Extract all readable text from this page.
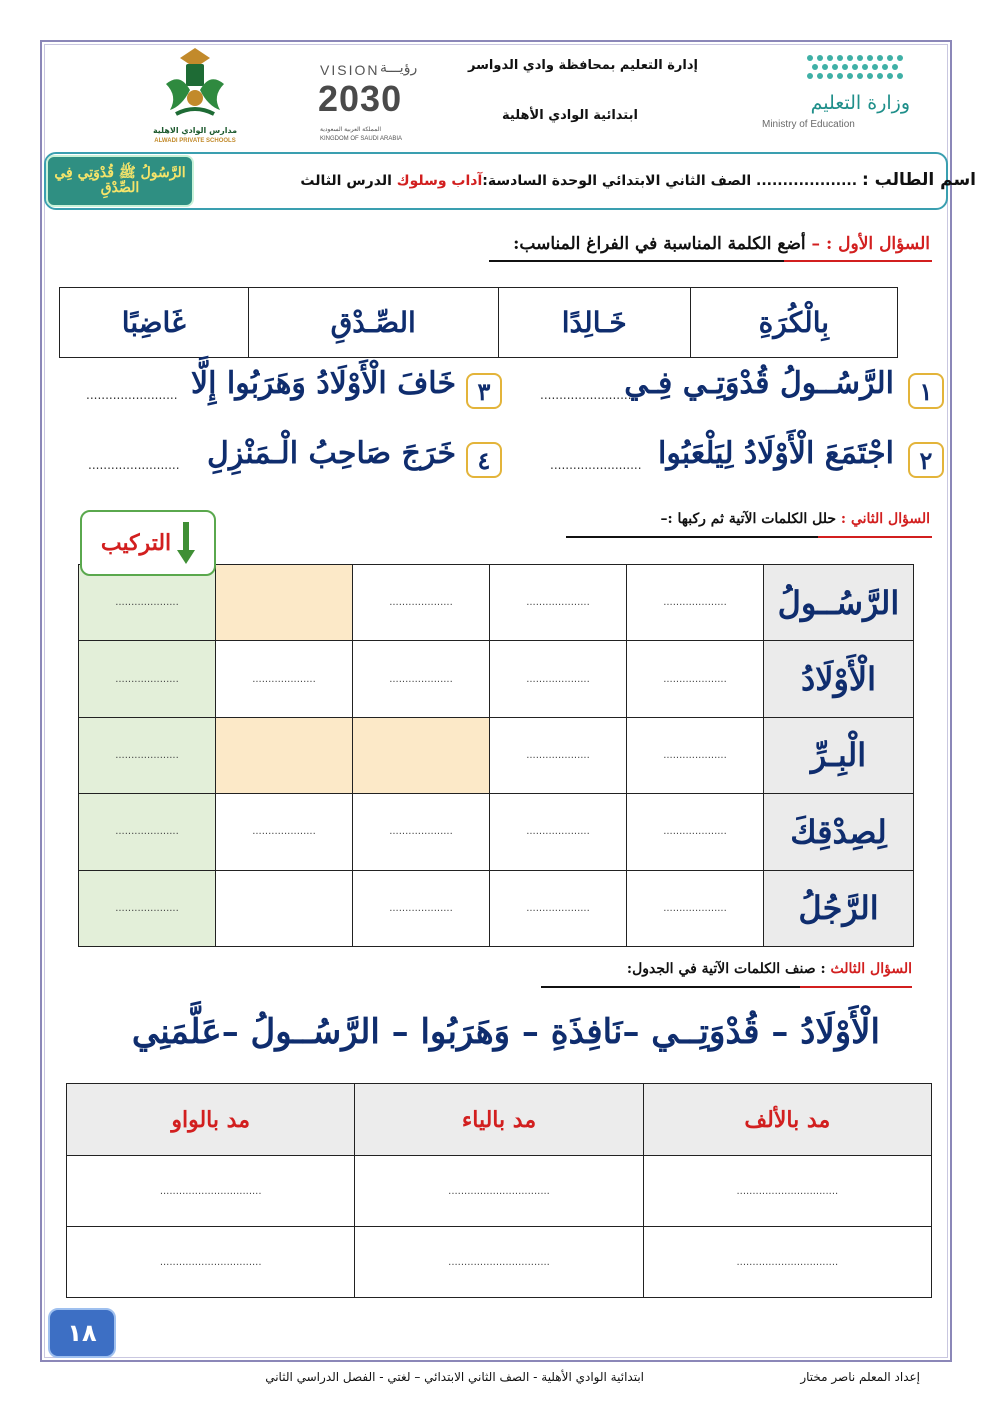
وزارة التعليم
Ministry of Education
إدارة التعليم بمحافظة وادي الدواسر
ابتدائية الوادي الأهلية
VISION رؤيـــة
2030
المملكة العربية السعودية
KINGDOM OF SAUDI ARABIA
مدارس الوادي الاهلية
ALWADI PRIVATE SCHOOLS
الرَّسُولُ ﷺ قُدْوَتِي فِي الصِّدْقِ	اسم الطالب : ................... الصف الثاني الابتدائي الوحدة السادسة:آداب وسلوك الدرس الثالث
السؤال الأول : – أضع الكلمة المناسبة في الفراغ المناسب:
بِالْكُرَةِ	خَـالِدًا	الصِّـدْقِ	غَاضِبًا
١
الرَّسُــولُ قُدْوَتِـي فِـي
........................
٣
خَافَ الْأَوْلَادُ وَهَرَبُوا إِلَّا
........................
٢
اجْتَمَعَ الْأَوْلَادُ لِيَلْعَبُوا
........................
٤
خَرَجَ صَاحِبُ الْـمَنْزِلِ
........................
السؤال الثاني : حلل الكلمات الآتية ثم ركبها :–
الرَّسُــولُ	....................	....................	....................		....................
الْأَوْلَادُ	....................	....................	....................	....................	....................
الْبِـرِّ	....................	....................			....................
لِصِدْقِكَ	....................	....................	....................	....................	....................
الرَّجُلُ	....................	....................	....................		....................
التركيب
السؤال الثالث : صنف الكلمات الآتية في الجدول:
الْأَوْلَادُ – قُدْوَتِــي –نَافِذَةِ – وَهَرَبُوا – الرَّسُــولُ –عَلَّمَنِي
مد بالألف	مد بالياء	مد بالواو
................................	................................	................................
................................	................................	................................
١٨
إعداد المعلم ناصر مختار
ابتدائية الوادي الأهلية - الصف الثاني الابتدائي – لغتي - الفصل الدراسي الثاني
